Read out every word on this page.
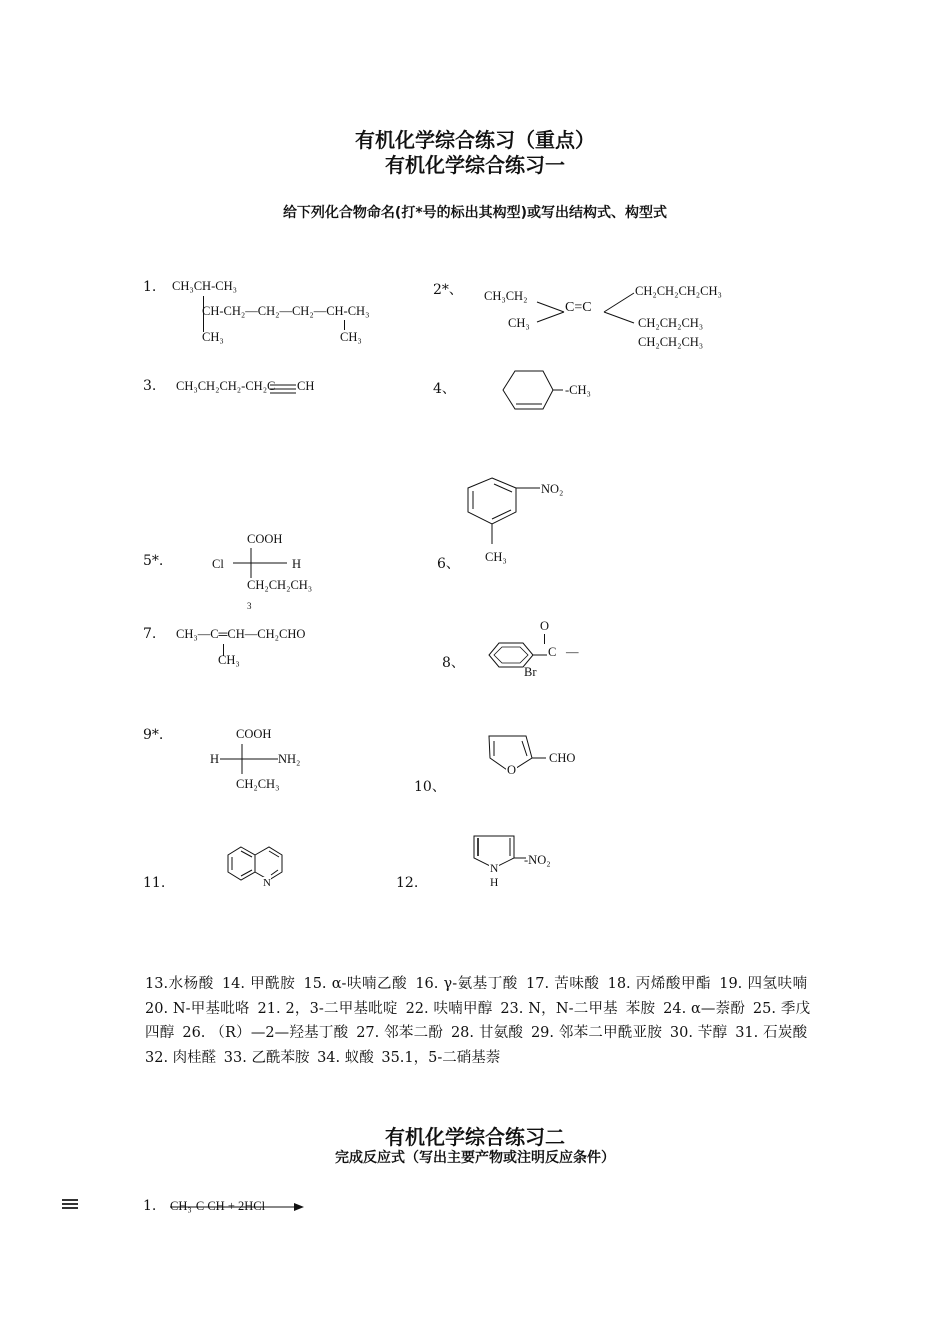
有机化学综合练习（重点）
有机化学综合练习一
给下列化合物命名(打*号的标出其构型)或写出结构式、构型式
1.	2*、
3.	4、
5*.	6、
7.
8、
9*.
10、
11.	12.
CH₃CH-CH₃
CH-CH₂—CH₂—CH₂—CH-CH₃
CH₃	CH₃
CH₃CH₂
CH₃
C=C
CH₂CH₂CH₂CH₃
CH₂CH₂CH₃
CH₂CH₂CH₃
CH₃CH₂CH₂-CH₂C CH	-CH₃
NO₂
CH₃
COOH
Cl	H
CH₂CH₂CH₃
3
CH₃—C═CH—CH₂CHO
CH₃
O
C —
Br
COOH
H	NH₂
CH₂CH₃
O
CHO
N
N
H
-NO₂
13.水杨酸 14. 甲酰胺 15. α-呋喃乙酸 16. γ-氨基丁酸 17. 苦味酸 18. 丙烯酸甲酯 19. 四氢呋喃 20. N-甲基吡咯 21. 2，3-二甲基吡啶 22. 呋喃甲醇 23. N，N-二甲基 苯胺 24. α—萘酚 25. 季戊四醇 26. （R）—2—羟基丁酸 27. 邻苯二酚 28. 甘氨酸 29. 邻苯二甲酰亚胺 30. 苄醇 31. 石炭酸 32. 肉桂醛 33. 乙酰苯胺 34. 蚁酸 35.1，5-二硝基萘
有机化学综合练习二
完成反应式（写出主要产物或注明反应条件）
1. CH₃-C CH + 2HCl
